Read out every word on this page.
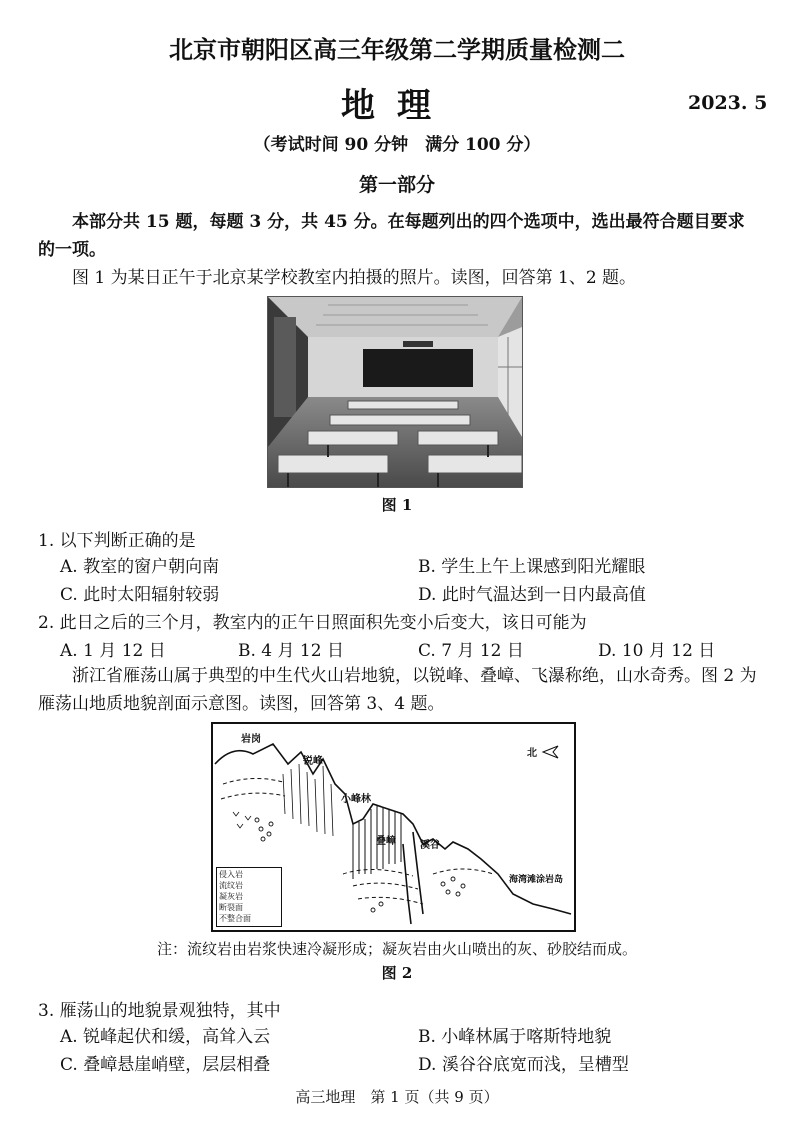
北京市朝阳区高三年级第二学期质量检测二
地理	2023. 5
（考试时间 90 分钟　满分 100 分）
第一部分
本部分共 15 题，每题 3 分，共 45 分。在每题列出的四个选项中，选出最符合题目要求的一项。
图 1 为某日正午于北京某学校教室内拍摄的照片。读图，回答第 1、2 题。
图 1
1. 以下判断正确的是
A. 教室的窗户朝向南	B. 学生上午上课感到阳光耀眼
C. 此时太阳辐射较弱	D. 此时气温达到一日内最高值
2. 此日之后的三个月，教室内的正午日照面积先变小后变大，该日可能为
A. 1 月 12 日	B. 4 月 12 日	C. 7 月 12 日	D. 10 月 12 日
浙江省雁荡山属于典型的中生代火山岩地貌，以锐峰、叠嶂、飞瀑称绝，山水奇秀。图 2 为雁荡山地质地貌剖面示意图。读图，回答第 3、4 题。
岩岗
锐峰
小峰林
叠嶂 溪谷
海湾滩涂岩岛
北
侵入岩
流纹岩
凝灰岩
断裂面
不整合面
注：流纹岩由岩浆快速冷凝形成；凝灰岩由火山喷出的灰、砂胶结而成。
图 2
3. 雁荡山的地貌景观独特，其中
A. 锐峰起伏和缓，高耸入云	B. 小峰林属于喀斯特地貌
C. 叠嶂悬崖峭壁，层层相叠	D. 溪谷谷底宽而浅，呈槽型
高三地理　第 1 页（共 9 页）
